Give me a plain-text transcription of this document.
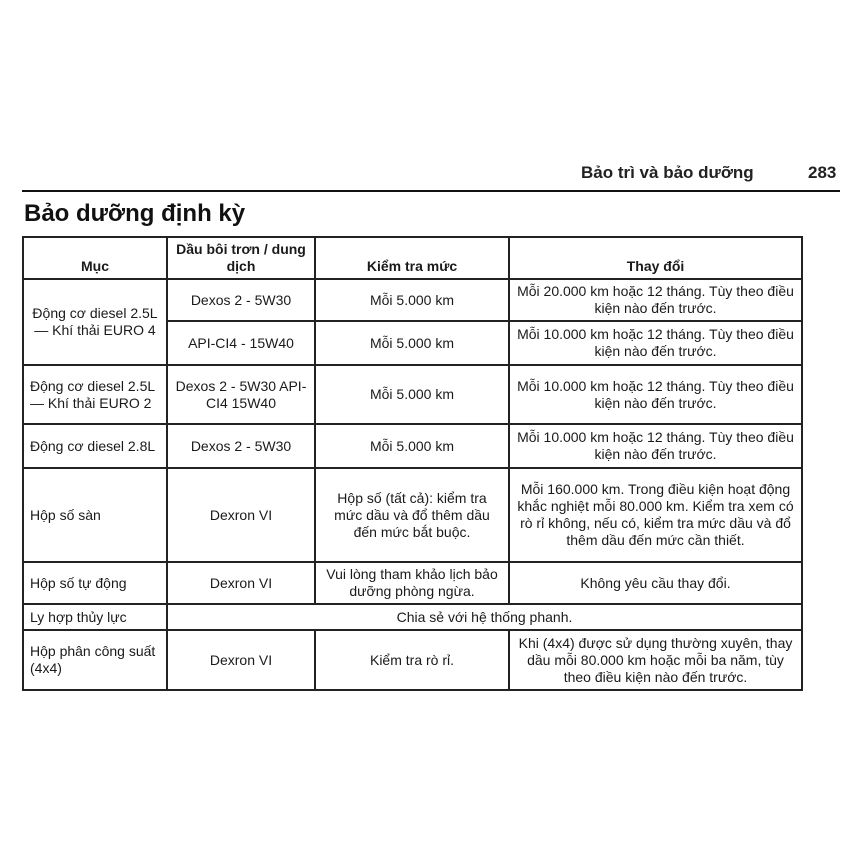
Bảo trì và bảo dưỡng	283
Bảo dưỡng định kỳ
Mục	Dầu bôi trơn / dung dịch	Kiểm tra mức	Thay đổi
Động cơ diesel 2.5L — Khí thải EURO 4	Dexos 2 - 5W30	Mỗi 5.000 km	Mỗi 20.000 km hoặc 12 tháng. Tùy theo điều kiện nào đến trước.
	API-CI4 - 15W40	Mỗi 5.000 km	Mỗi 10.000 km hoặc 12 tháng. Tùy theo điều kiện nào đến trước.
Động cơ diesel 2.5L — Khí thải EURO 2	Dexos 2 - 5W30 API-CI4 15W40	Mỗi 5.000 km	Mỗi 10.000 km hoặc 12 tháng. Tùy theo điều kiện nào đến trước.
Động cơ diesel 2.8L	Dexos 2 - 5W30	Mỗi 5.000 km	Mỗi 10.000 km hoặc 12 tháng. Tùy theo điều kiện nào đến trước.
Hộp số sàn	Dexron VI	Hộp số (tất cả): kiểm tra mức dầu và đổ thêm dầu đến mức bắt buộc.	Mỗi 160.000 km. Trong điều kiện hoạt động khắc nghiệt mỗi 80.000 km. Kiểm tra xem có rò rỉ không, nếu có, kiểm tra mức dầu và đổ thêm dầu đến mức cần thiết.
Hộp số tự động	Dexron VI	Vui lòng tham khảo lịch bảo dưỡng phòng ngừa.	Không yêu cầu thay đổi.
Ly hợp thủy lực	Chia sẻ với hệ thống phanh.		
Hộp phân công suất (4x4)	Dexron VI	Kiểm tra rò rỉ.	Khi (4x4) được sử dụng thường xuyên, thay dầu mỗi 80.000 km hoặc mỗi ba năm, tùy theo điều kiện nào đến trước.
